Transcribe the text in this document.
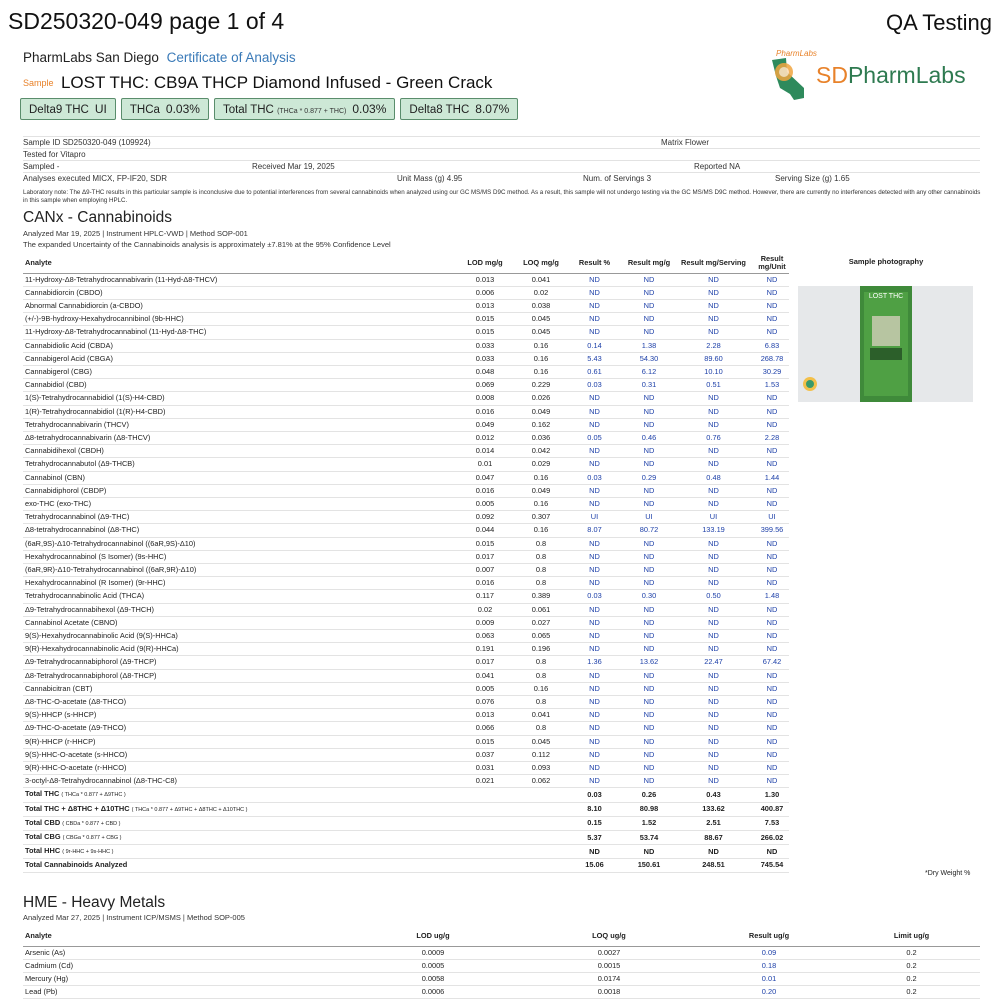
SD250320-049 page 1 of 4	QA Testing
PharmLabs San Diego Certificate of Analysis
Sample LOST THC: CB9A THCP Diamond Infused - Green Crack
Delta9 THC UI	THCa 0.03%	Total THC (THCa * 0.877 + THC) 0.03%	Delta8 THC 8.07%
PharmLabs
SDPharmLabs
Sample ID SD250320-049 (109924)	Matrix Flower
Tested for Vitapro
Sampled -	Received Mar 19, 2025	Reported NA
Analyses executed MICX, FP-IF20, SDR	Unit Mass (g) 4.95	Num. of Servings 3	Serving Size (g) 1.65
Laboratory note: The Δ9-THC results in this particular sample is inconclusive due to potential interferences from several cannabinoids when analyzed using our GC MS/MS D9C method. As a result, this sample will not undergo testing via the GC MS/MS D9C method. However, there are currently no interferences detected with any other cannabinoids in this sample when employing HPLC.
CANx - Cannabinoids
Analyzed Mar 19, 2025 | Instrument HPLC-VWD | Method SOP-001
The expanded Uncertainty of the Cannabinoids analysis is approximately ±7.81% at the 95% Confidence Level
Analyte	LOD mg/g	LOQ mg/g	Result %	Result mg/g	Result mg/Serving	Result mg/Unit
11-Hydroxy-Δ8-Tetrahydrocannabivarin (11-Hyd-Δ8-THCV)	0.013	0.041	ND	ND	ND	ND
Cannabidiorcin (CBDO)	0.006	0.02	ND	ND	ND	ND
Abnormal Cannabidiorcin (a-CBDO)	0.013	0.038	ND	ND	ND	ND
(+/-)-9B-hydroxy-Hexahydrocannibinol (9b-HHC)	0.015	0.045	ND	ND	ND	ND
11-Hydroxy-Δ8-Tetrahydrocannabinol (11-Hyd-Δ8-THC)	0.015	0.045	ND	ND	ND	ND
Cannabidiolic Acid (CBDA)	0.033	0.16	0.14	1.38	2.28	6.83
Cannabigerol Acid (CBGA)	0.033	0.16	5.43	54.30	89.60	268.78
Cannabigerol (CBG)	0.048	0.16	0.61	6.12	10.10	30.29
Cannabidiol (CBD)	0.069	0.229	0.03	0.31	0.51	1.53
1(S)-Tetrahydrocannabidiol (1(S)-H4-CBD)	0.008	0.026	ND	ND	ND	ND
1(R)-Tetrahydrocannabidiol (1(R)-H4-CBD)	0.016	0.049	ND	ND	ND	ND
Tetrahydrocannabivarin (THCV)	0.049	0.162	ND	ND	ND	ND
Δ8-tetrahydrocannabivarin (Δ8-THCV)	0.012	0.036	0.05	0.46	0.76	2.28
Cannabidihexol (CBDH)	0.014	0.042	ND	ND	ND	ND
Tetrahydrocannabutol (Δ9-THCB)	0.01	0.029	ND	ND	ND	ND
Cannabinol (CBN)	0.047	0.16	0.03	0.29	0.48	1.44
Cannabidiphorol (CBDP)	0.016	0.049	ND	ND	ND	ND
exo-THC (exo-THC)	0.005	0.16	ND	ND	ND	ND
Tetrahydrocannabinol (Δ9-THC)	0.092	0.307	UI	UI	UI	UI
Δ8-tetrahydrocannabinol (Δ8-THC)	0.044	0.16	8.07	80.72	133.19	399.56
(6aR,9S)-Δ10-Tetrahydrocannabinol ((6aR,9S)-Δ10)	0.015	0.8	ND	ND	ND	ND
Hexahydrocannabinol (S Isomer) (9s-HHC)	0.017	0.8	ND	ND	ND	ND
(6aR,9R)-Δ10-Tetrahydrocannabinol ((6aR,9R)-Δ10)	0.007	0.8	ND	ND	ND	ND
Hexahydrocannabinol (R Isomer) (9r-HHC)	0.016	0.8	ND	ND	ND	ND
Tetrahydrocannabinolic Acid (THCA)	0.117	0.389	0.03	0.30	0.50	1.48
Δ9-Tetrahydrocannabihexol (Δ9-THCH)	0.02	0.061	ND	ND	ND	ND
Cannabinol Acetate (CBNO)	0.009	0.027	ND	ND	ND	ND
9(S)-Hexahydrocannabinolic Acid (9(S)-HHCa)	0.063	0.065	ND	ND	ND	ND
9(R)-Hexahydrocannabinolic Acid (9(R)-HHCa)	0.191	0.196	ND	ND	ND	ND
Δ9-Tetrahydrocannabiphorol (Δ9-THCP)	0.017	0.8	1.36	13.62	22.47	67.42
Δ8-Tetrahydrocannabiphorol (Δ8-THCP)	0.041	0.8	ND	ND	ND	ND
Cannabicitran (CBT)	0.005	0.16	ND	ND	ND	ND
Δ8-THC-O-acetate (Δ8-THCO)	0.076	0.8	ND	ND	ND	ND
9(S)-HHCP (s-HHCP)	0.013	0.041	ND	ND	ND	ND
Δ9-THC-O-acetate (Δ9-THCO)	0.066	0.8	ND	ND	ND	ND
9(R)-HHCP (r-HHCP)	0.015	0.045	ND	ND	ND	ND
9(S)-HHC-O-acetate (s-HHCO)	0.037	0.112	ND	ND	ND	ND
9(R)-HHC-O-acetate (r-HHCO)	0.031	0.093	ND	ND	ND	ND
3-octyl-Δ8-Tetrahydrocannabinol (Δ8-THC-C8)	0.021	0.062	ND	ND	ND	ND
Total THC ( THCa * 0.877 + Δ9THC )			0.03	0.26	0.43	1.30
Total THC + Δ8THC + Δ10THC ( THCa * 0.877 + Δ9THC + Δ8THC + Δ10THC )			8.10	80.98	133.62	400.87
Total CBD ( CBDa * 0.877 + CBD )			0.15	1.52	2.51	7.53
Total CBG ( CBGa * 0.877 + CBG )			5.37	53.74	88.67	266.02
Total HHC ( 9r-HHC + 9s-HHC )			ND	ND	ND	ND
Total Cannabinoids Analyzed			15.06	150.61	248.51	745.54
Sample photography
LOST THC
*Dry Weight %
HME - Heavy Metals
Analyzed Mar 27, 2025 | Instrument ICP/MSMS | Method SOP-005
Analyte	LOD ug/g	LOQ ug/g	Result ug/g	Limit ug/g
Arsenic (As)	0.0009	0.0027	0.09	0.2
Cadmium (Cd)	0.0005	0.0015	0.18	0.2
Mercury (Hg)	0.0058	0.0174	0.01	0.2
Lead (Pb)	0.0006	0.0018	0.20	0.2
